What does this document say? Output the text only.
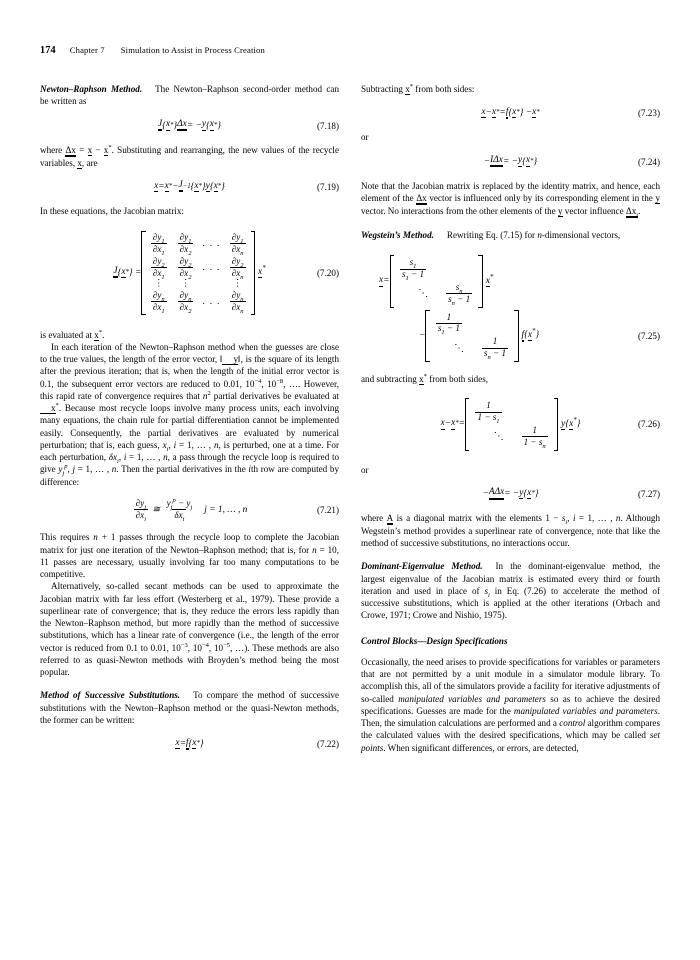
174 Chapter 7 Simulation to Assist in Process Creation

Newton–Raphson Method. The Newton–Raphson second-order method can be written as

J { x * } Δx = − y { x * }	(7.18)

where Δx = x − x*. Substituting and rearranging, the new values of the recycle variables, x, are

x = x * − J −1 { x * } y { x * }	(7.19)

In these equations, the Jacobian matrix:

J { x * } =
$\frac{\partial y_1}{\partial x_1} \frac{\partial y_1}{\partial x_2}$ . . . $\frac{\partial y_1}{\partial x_n}$
$\frac{\partial y_2}{\partial x_1} \frac{\partial y_2}{\partial x_2}$ . . . $\frac{\partial y_2}{\partial x_n}$
⋮ ⋮	⋮
$\frac{\partial y_n}{\partial x_1} \frac{\partial y_n}{\partial x_2}$ . . . $\frac{\partial y_n}{\partial x_n}$
x*	(7.20)

is evaluated at x*.

In each iteration of the Newton–Raphson method when the guesses are close to the true values, the length of the error vector, ‖ y‖, is the square of its length after the previous iteration; that is, when the length of the initial error vector is 0.1, the subsequent error vectors are reduced to 0.01, $10^{-4}$, $10^{-8}$, …. However, this rapid rate of convergence requires that $n^2$ partial derivatives be evaluated at x*. Because most recycle loops involve many process units, each involving many equations, the chain rule for partial differentiation cannot be implemented easily. Consequently, the partial derivatives are evaluated by numerical perturbation; that is, each guess, $x_i$, i = 1, … , n, is perturbed, one at a time. For each perturbation, $\delta x_i$, i = 1, … , n, a pass through the recycle loop is required to give $y_j^p$, j = 1, … , n. Then the partial derivatives in the ith row are computed by difference:

$\frac{\partial y_j}{\partial x_i}$ ≅ $\frac{y_j^p - y_j}{\delta x_i}$ j = 1, … , n	(7.21)

This requires n + 1 passes through the recycle loop to complete the Jacobian matrix for just one iteration of the Newton–Raphson method; that is, for n = 10, 11 passes are necessary, usually involving far too many computations to be competitive.

Alternatively, so-called secant methods can be used to approximate the Jacobian matrix with far less effort (Westerberg et al., 1979). These provide a superlinear rate of convergence; that is, they reduce the errors less rapidly than the Newton–Raphson method, but more rapidly than the method of successive substitutions, which has a linear rate of convergence (i.e., the length of the error vector is reduced from 0.1 to 0.01, $10^{-3}$, $10^{-4}$, $10^{-5}$, …). These methods are also referred to as quasi-Newton methods with Broyden’s method being the most popular.

Method of Successive Substitutions. To compare the method of successive substitutions with the Newton–Raphson method or the quasi-Newton methods, the former can be written:

x = f { x * }	(7.22)

Subtracting x* from both sides:

x − x * = f { x * } − x *	(7.23)

or

− I Δx = − y { x * }	(7.24)

Note that the Jacobian matrix is replaced by the identity matrix, and hence, each element of the Δx vector is influenced only by its corresponding element in the y vector. No interactions from the other elements of the y vector influence $\Delta x_i$.

Wegstein’s Method. Rewriting Eq. (7.15) for n-dimensional vectors,

x =
$\frac{s_1}{s_1 - 1}$
⋱ $\frac{s_n}{s_n - 1}$
x*
−
$\frac{1}{s_1 - 1}$
⋱ $\frac{1}{s_n - 1}$
f{x*}	(7.25)

and subtracting x* from both sides,

x − x * =
$\frac{1}{1 - s_1}$
⋱ $\frac{1}{1 - s_n}$
y{x*}	(7.26)

or

− A Δx = − y { x * }	(7.27)

where A is a diagonal matrix with the elements $1 - s_i$, i = 1, … , n. Although Wegstein’s method provides a superlinear rate of convergence, note that like the method of successive substitutions, no interactions occur.

Dominant-Eigenvalue Method. In the dominant-eigenvalue method, the largest eigenvalue of the Jacobian matrix is estimated every third or fourth iteration and used in place of $s_i$ in Eq. (7.26) to accelerate the method of successive substitutions, which is applied at the other iterations (Orbach and Crowe, 1971; Crowe and Nishio, 1975).

Control Blocks—Design Specifications

Occasionally, the need arises to provide specifications for variables or parameters that are not permitted by a unit module in a simulator module library. To accomplish this, all of the simulators provide a facility for iterative adjustments of so-called manipulated variables and parameters so as to achieve the desired specifications. Guesses are made for the manipulated variables and parameters. Then, the simulation calculations are performed and a control algorithm compares the calculated values with the desired specifications, which may be called set points. When significant differences, or errors, are detected,
